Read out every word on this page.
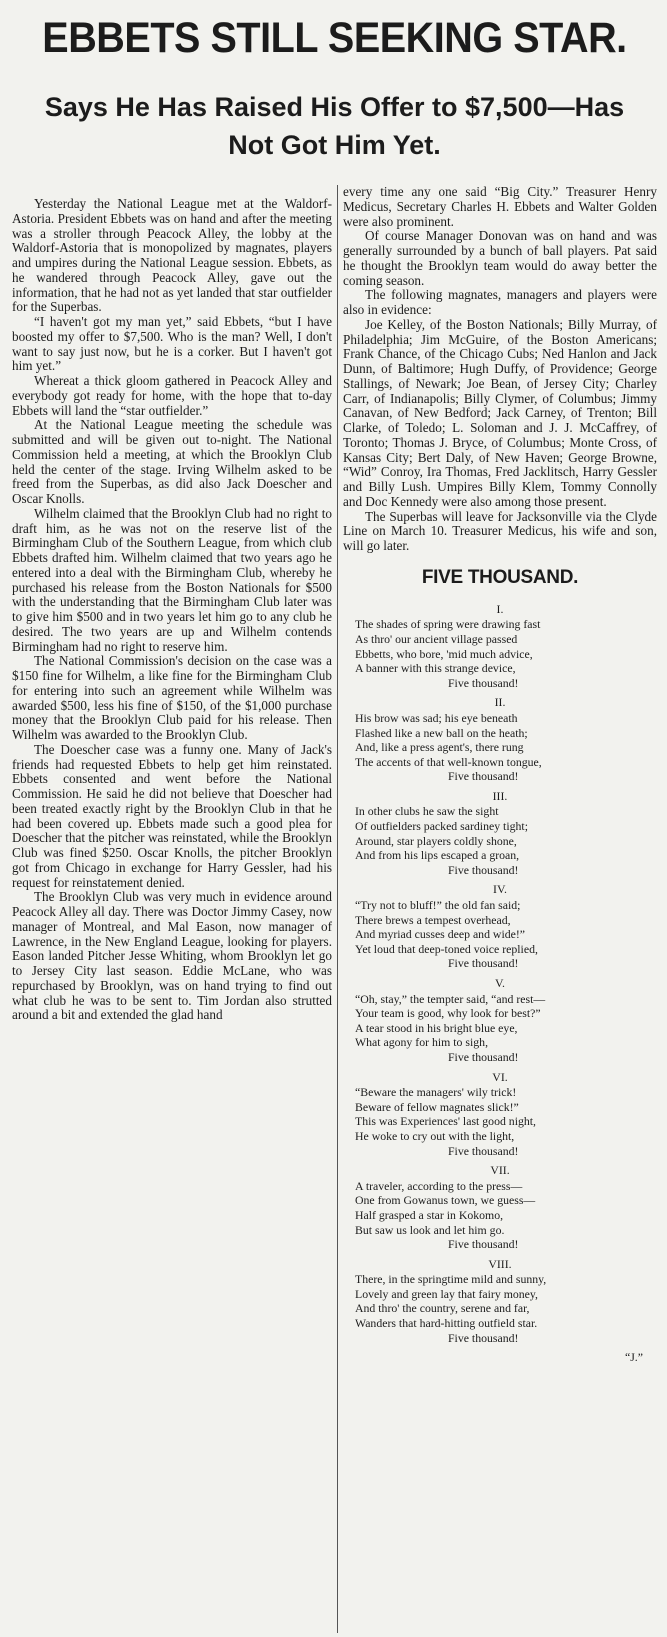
EBBETS STILL SEEKING STAR.
Says He Has Raised His Offer to $7,500—Has
Not Got Him Yet.

Yesterday the National League met at the Waldorf-Astoria. President Ebbets was on hand and after the meeting was a stroller through Peacock Alley, the lobby at the Waldorf-Astoria that is monopolized by magnates, players and umpires during the National League session. Ebbets, as he wandered through Peacock Alley, gave out the information, that he had not as yet landed that star outfielder for the Superbas.

“I haven't got my man yet,” said Ebbets, “but I have boosted my offer to $7,500. Who is the man? Well, I don't want to say just now, but he is a corker. But I haven't got him yet.”

Whereat a thick gloom gathered in Peacock Alley and everybody got ready for home, with the hope that to-day Ebbets will land the “star outfielder.”

At the National League meeting the schedule was submitted and will be given out to-night. The National Commission held a meeting, at which the Brooklyn Club held the center of the stage. Irving Wilhelm asked to be freed from the Superbas, as did also Jack Doescher and Oscar Knolls.

Wilhelm claimed that the Brooklyn Club had no right to draft him, as he was not on the reserve list of the Birmingham Club of the Southern League, from which club Ebbets drafted him. Wilhelm claimed that two years ago he entered into a deal with the Birmingham Club, whereby he purchased his release from the Boston Nationals for $500 with the understanding that the Birmingham Club later was to give him $500 and in two years let him go to any club he desired. The two years are up and Wilhelm contends Birmingham had no right to reserve him.

The National Commission's decision on the case was a $150 fine for Wilhelm, a like fine for the Birmingham Club for entering into such an agreement while Wilhelm was awarded $500, less his fine of $150, of the $1,000 purchase money that the Brooklyn Club paid for his release. Then Wilhelm was awarded to the Brooklyn Club.

The Doescher case was a funny one. Many of Jack's friends had requested Ebbets to help get him reinstated. Ebbets consented and went before the National Commission. He said he did not believe that Doescher had been treated exactly right by the Brooklyn Club in that he had been covered up. Ebbets made such a good plea for Doescher that the pitcher was reinstated, while the Brooklyn Club was fined $250. Oscar Knolls, the pitcher Brooklyn got from Chicago in exchange for Harry Gessler, had his request for reinstatement denied.

The Brooklyn Club was very much in evidence around Peacock Alley all day. There was Doctor Jimmy Casey, now manager of Montreal, and Mal Eason, now manager of Lawrence, in the New England League, looking for players. Eason landed Pitcher Jesse Whiting, whom Brooklyn let go to Jersey City last season. Eddie McLane, who was repurchased by Brooklyn, was on hand trying to find out what club he was to be sent to. Tim Jordan also strutted around a bit and extended the glad hand

every time any one said “Big City.” Treasurer Henry Medicus, Secretary Charles H. Ebbets and Walter Golden were also prominent.

Of course Manager Donovan was on hand and was generally surrounded by a bunch of ball players. Pat said he thought the Brooklyn team would do away better the coming season.

The following magnates, managers and players were also in evidence:

Joe Kelley, of the Boston Nationals; Billy Murray, of Philadelphia; Jim McGuire, of the Boston Americans; Frank Chance, of the Chicago Cubs; Ned Hanlon and Jack Dunn, of Baltimore; Hugh Duffy, of Providence; George Stallings, of Newark; Joe Bean, of Jersey City; Charley Carr, of Indianapolis; Billy Clymer, of Columbus; Jimmy Canavan, of New Bedford; Jack Carney, of Trenton; Bill Clarke, of Toledo; L. Soloman and J. J. McCaffrey, of Toronto; Thomas J. Bryce, of Columbus; Monte Cross, of Kansas City; Bert Daly, of New Haven; George Browne, “Wid” Conroy, Ira Thomas, Fred Jacklitsch, Harry Gessler and Billy Lush. Umpires Billy Klem, Tommy Connolly and Doc Kennedy were also among those present.

The Superbas will leave for Jacksonville via the Clyde Line on March 10. Treasurer Medicus, his wife and son, will go later.

FIVE THOUSAND.
I.
The shades of spring were drawing fast
As thro' our ancient village passed
Ebbetts, who bore, 'mid much advice,
A banner with this strange device,
Five thousand!
II.
His brow was sad; his eye beneath
Flashed like a new ball on the heath;
And, like a press agent's, there rung
The accents of that well-known tongue,
Five thousand!
III.
In other clubs he saw the sight
Of outfielders packed sardiney tight;
Around, star players coldly shone,
And from his lips escaped a groan,
Five thousand!
IV.
“Try not to bluff!” the old fan said;
There brews a tempest overhead,
And myriad cusses deep and wide!”
Yet loud that deep-toned voice replied,
Five thousand!
V.
“Oh, stay,” the tempter said, “and rest—
Your team is good, why look for best?”
A tear stood in his bright blue eye,
What agony for him to sigh,
Five thousand!
VI.
“Beware the managers' wily trick!
Beware of fellow magnates slick!”
This was Experiences' last good night,
He woke to cry out with the light,
Five thousand!
VII.
A traveler, according to the press—
One from Gowanus town, we guess—
Half grasped a star in Kokomo,
But saw us look and let him go.
Five thousand!
VIII.
There, in the springtime mild and sunny,
Lovely and green lay that fairy money,
And thro' the country, serene and far,
Wanders that hard-hitting outfield star.
Five thousand!
“J.”
